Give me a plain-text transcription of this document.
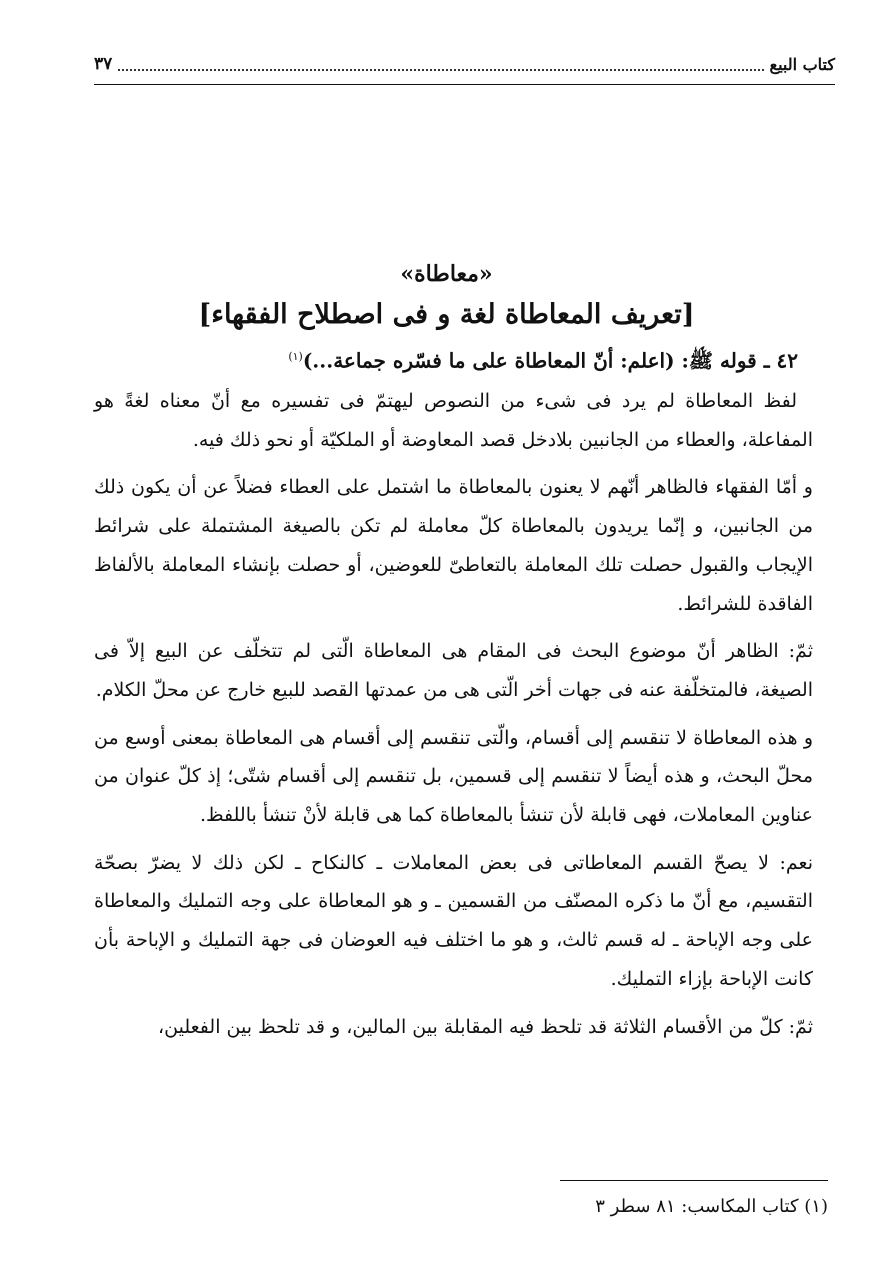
كتاب البيع
٣٧
«معاطاة»
[تعريف المعاطاة لغة و فى اصطلاح الفقهاء]
٤٢ ـ قوله ﷺ: (اعلم: أنّ المعاطاة على ما فسّره جماعة...)$^{(١)}$

لفظ المعاطاة لم يرد فى شىء من النصوص ليهتمّ فى تفسيره مع أنّ معناه لغةً هو المفاعلة، والعطاء من الجانبين بلادخل قصد المعاوضة أو الملكيّة أو نحو ذلك فيه.

و أمّا الفقهاء فالظاهر أنّهم لا يعنون بالمعاطاة ما اشتمل على العطاء فضلاً عن أن يكون ذلك من الجانبين، و إنّما يريدون بالمعاطاة كلّ معاملة لم تكن بالصيغة المشتملة على شرائط الإيجاب والقبول حصلت تلك المعاملة بالتعاطىّ للعوضين، أو حصلت بإنشاء المعاملة بالألفاظ الفاقدة للشرائط.

ثمّ: الظاهر أنّ موضوع البحث فى المقام هى المعاطاة الّتى لم تتخلّف عن البيع إلاّ فى الصيغة، فالمتخلّفة عنه فى جهات أخر الّتى هى من عمدتها القصد للبيع خارج عن محلّ الكلام.

و هذه المعاطاة لا تنقسم إلى أقسام، والّتى تنقسم إلى أقسام هى المعاطاة بمعنى أوسع من محلّ البحث، و هذه أيضاً لا تنقسم إلى قسمين، بل تنقسم إلى أقسام شتّى؛ إذ كلّ عنوان من عناوين المعاملات، فهى قابلة لأن تنشأ بالمعاطاة كما هى قابلة لأنْ تنشأ باللفظ.

نعم: لا يصحّ القسم المعاطاتى فى بعض المعاملات ـ كالنكاح ـ لكن ذلك لا يضرّ بصحّة التقسيم، مع أنّ ما ذكره المصنّف من القسمين ـ و هو المعاطاة على وجه التمليك والمعاطاة على وجه الإباحة ـ له قسم ثالث، و هو ما اختلف فيه العوضان فى جهة التمليك و الإباحة بأن كانت الإباحة بإزاء التمليك.

ثمّ: كلّ من الأقسام الثلاثة قد تلحظ فيه المقابلة بين المالين، و قد تلحظ بين الفعلين،

(١) كتاب المكاسب: ٨١ سطر ٣
